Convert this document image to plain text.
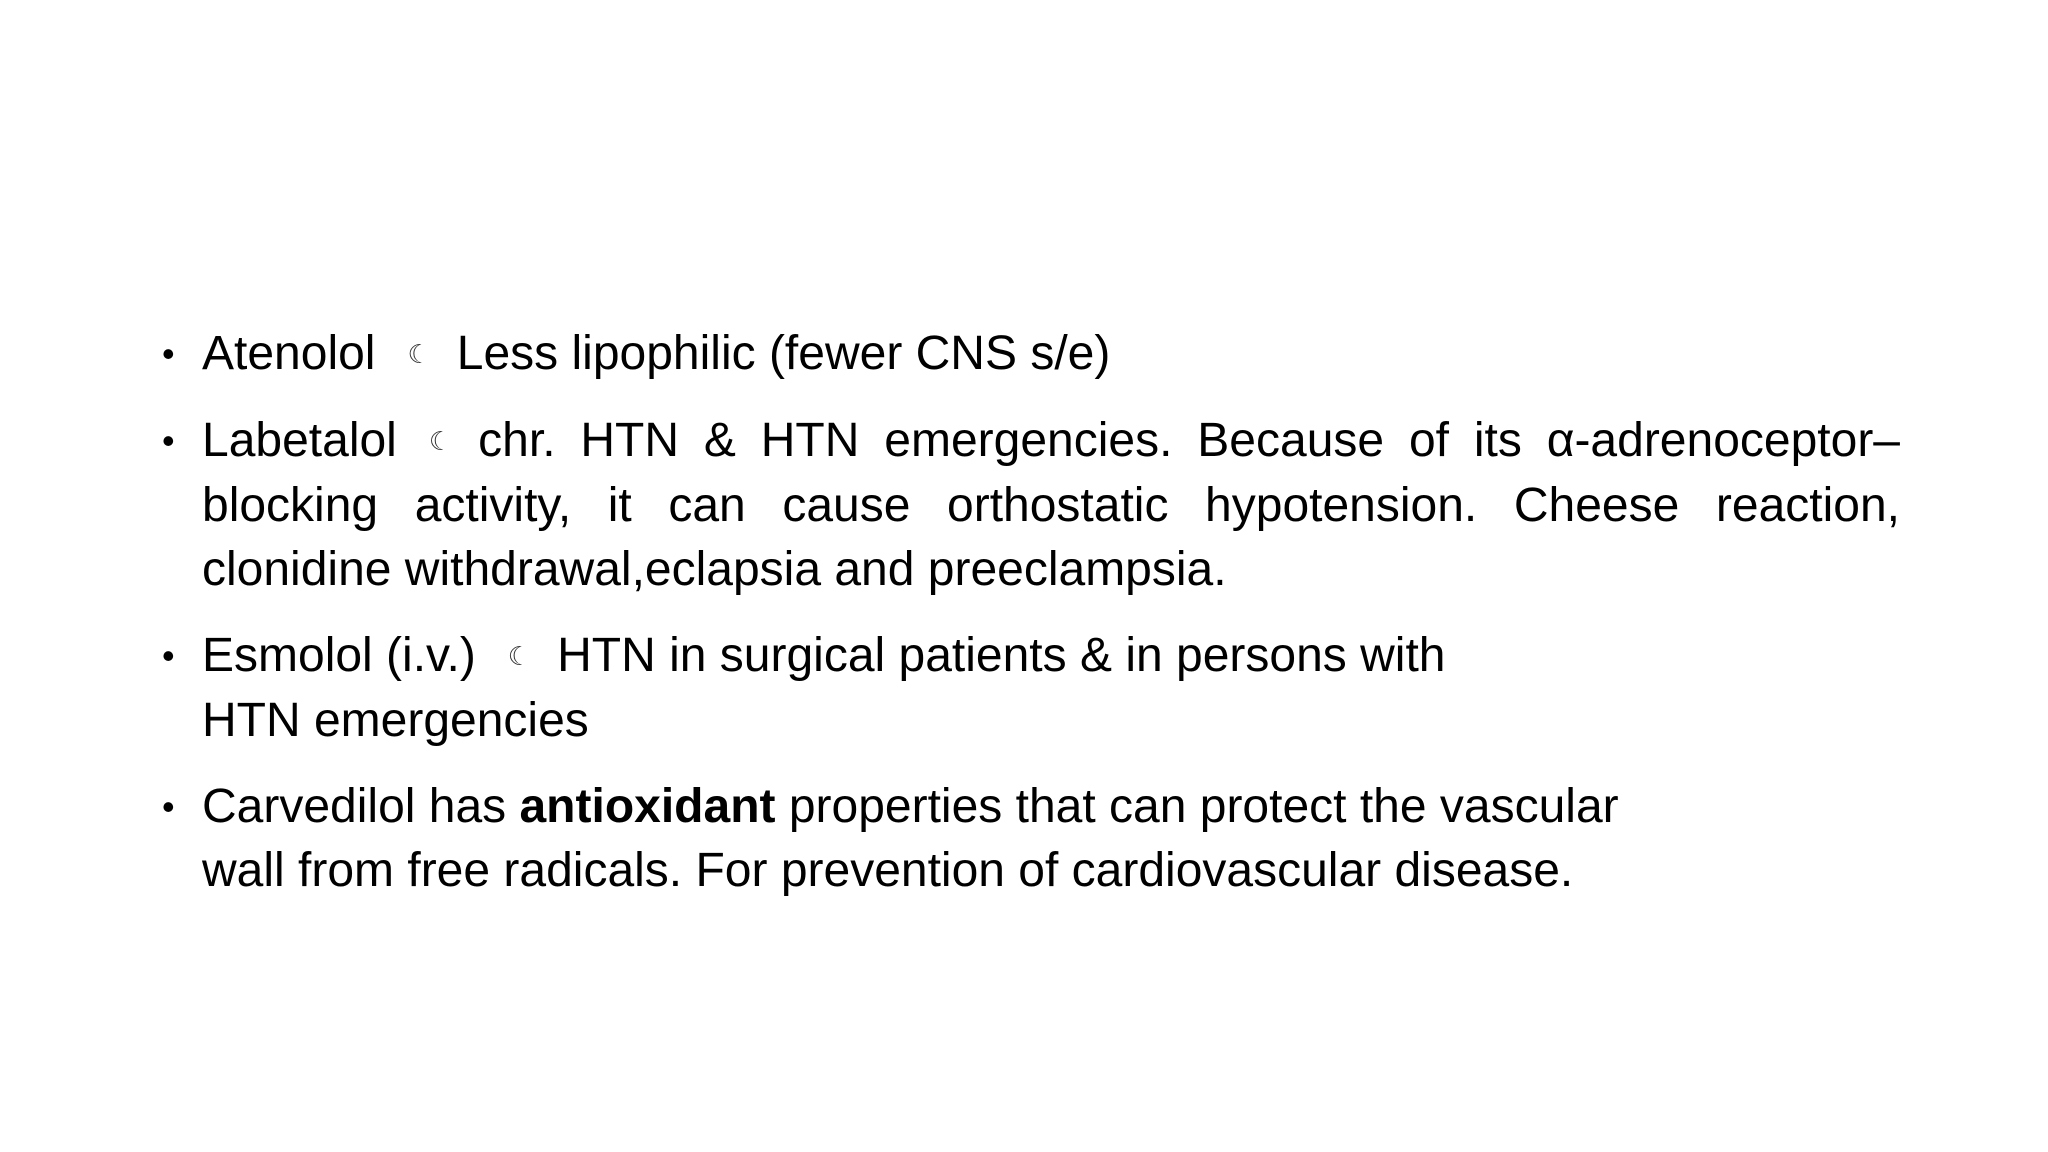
• Atenolol ☾ Less lipophilic (fewer CNS s/e)
• Labetalol ☾ chr. HTN & HTN emergencies. Because of its α-adrenoceptor–blocking activity, it can cause orthostatic hypotension. Cheese reaction, clonidine withdrawal,eclapsia and preeclampsia.
• Esmolol (i.v.) ☾ HTN in surgical patients & in persons with
HTN emergencies
• Carvedilol has antioxidant properties that can protect the vascular wall from free radicals. For prevention of cardiovascular disease.
